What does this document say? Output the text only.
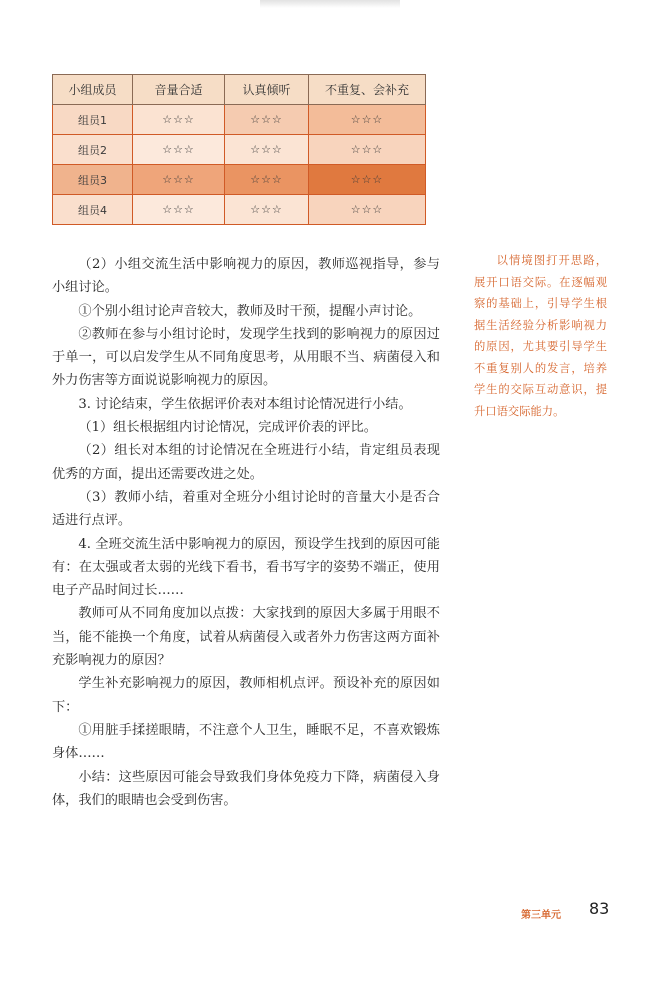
小组成员	音量合适	认真倾听	不重复、会补充
组员1	☆☆☆	☆☆☆	☆☆☆
组员2	☆☆☆	☆☆☆	☆☆☆
组员3	☆☆☆	☆☆☆	☆☆☆
组员4	☆☆☆	☆☆☆	☆☆☆

（2）小组交流生活中影响视力的原因，教师巡视指导，参与小组讨论。

①个别小组讨论声音较大，教师及时干预，提醒小声讨论。

②教师在参与小组讨论时，发现学生找到的影响视力的原因过于单一，可以启发学生从不同角度思考，从用眼不当、病菌侵入和外力伤害等方面说说影响视力的原因。

3. 讨论结束，学生依据评价表对本组讨论情况进行小结。

（1）组长根据组内讨论情况，完成评价表的评比。

（2）组长对本组的讨论情况在全班进行小结，肯定组员表现优秀的方面，提出还需要改进之处。

（3）教师小结，着重对全班分小组讨论时的音量大小是否合适进行点评。

4. 全班交流生活中影响视力的原因，预设学生找到的原因可能有：在太强或者太弱的光线下看书，看书写字的姿势不端正，使用电子产品时间过长……

教师可从不同角度加以点拨：大家找到的原因大多属于用眼不当，能不能换一个角度，试着从病菌侵入或者外力伤害这两方面补充影响视力的原因？

学生补充影响视力的原因，教师相机点评。预设补充的原因如下：

①用脏手揉搓眼睛，不注意个人卫生，睡眠不足，不喜欢锻炼身体……

小结：这些原因可能会导致我们身体免疫力下降，病菌侵入身体，我们的眼睛也会受到伤害。

以情境图打开思路，展开口语交际。在逐幅观察的基础上，引导学生根据生活经验分析影响视力的原因，尤其要引导学生不重复别人的发言，培养学生的交际互动意识，提升口语交际能力。
第三单元 83
